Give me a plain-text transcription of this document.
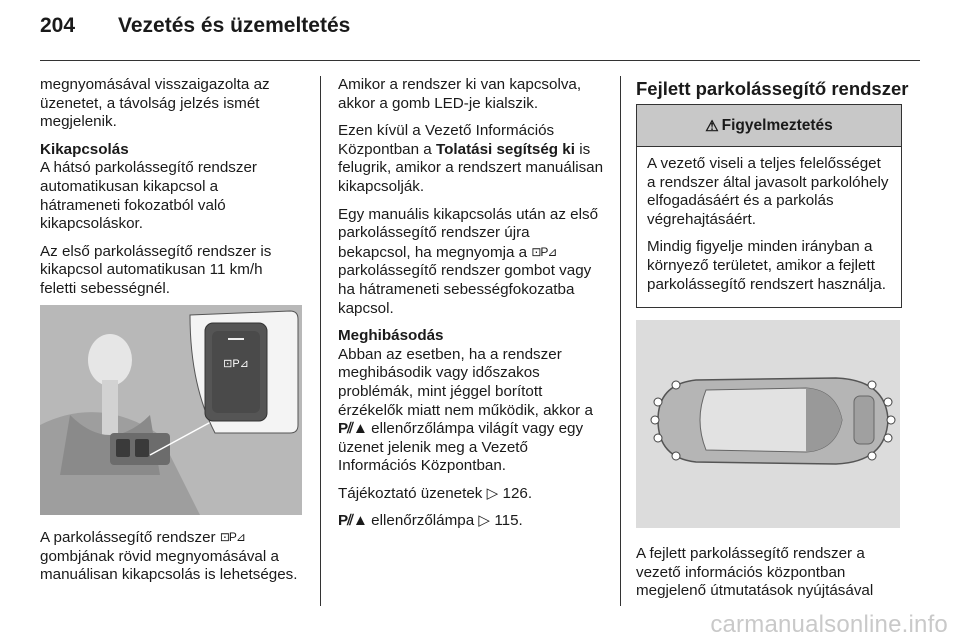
204	Vezetés és üzemeltetés

megnyomásával visszaigazolta az üzenetet, a távolság jelzés ismét megjelenik.

Kikapcsolás
A hátsó parkolássegítő rendszer automatikusan kikapcsol a hátrameneti fokozatból való kikapcsoláskor.

Az első parkolássegítő rendszer is kikapcsol automatikusan 11 km/h feletti sebességnél.

⊡P⊿
A parkolássegítő rendszer ⊡P⊿ gombjának rövid megnyomásával a manuálisan kikapcsolás is lehetséges.

Amikor a rendszer ki van kapcsolva, akkor a gomb LED-je kialszik.

Ezen kívül a Vezető Információs Központban a Tolatási segítség ki is felugrik, amikor a rendszert manuálisan kikapcsolják.

Egy manuális kikapcsolás után az első parkolássegítő rendszer újra bekapcsol, ha megnyomja a ⊡P⊿ parkolássegítő rendszer gombot vagy ha hátrameneti sebességfokozatba kapcsol.

Meghibásodás
Abban az esetben, ha a rendszer meghibásodik vagy időszakos problémák, mint jéggel borított érzékelők miatt nem működik, akkor a P⫽▲ ellenőrzőlámpa világít vagy egy üzenet jelenik meg a Vezető Információs Központban.

Tájékoztató üzenetek ▷ 126.

P⫽▲ ellenőrzőlámpa ▷ 115.

Fejlett parkolássegítő rendszer
⚠ Figyelmeztetés

A vezető viseli a teljes felelősséget a rendszer által javasolt parkolóhely elfogadásáért és a parkolás végrehajtásáért.

Mindig figyelje minden irányban a környező területet, amikor a fejlett parkolássegítő rendszert használja.

A fejlett parkolássegítő rendszer a vezető információs központban megjelenő útmutatások nyújtásával
carmanualsonline.info
